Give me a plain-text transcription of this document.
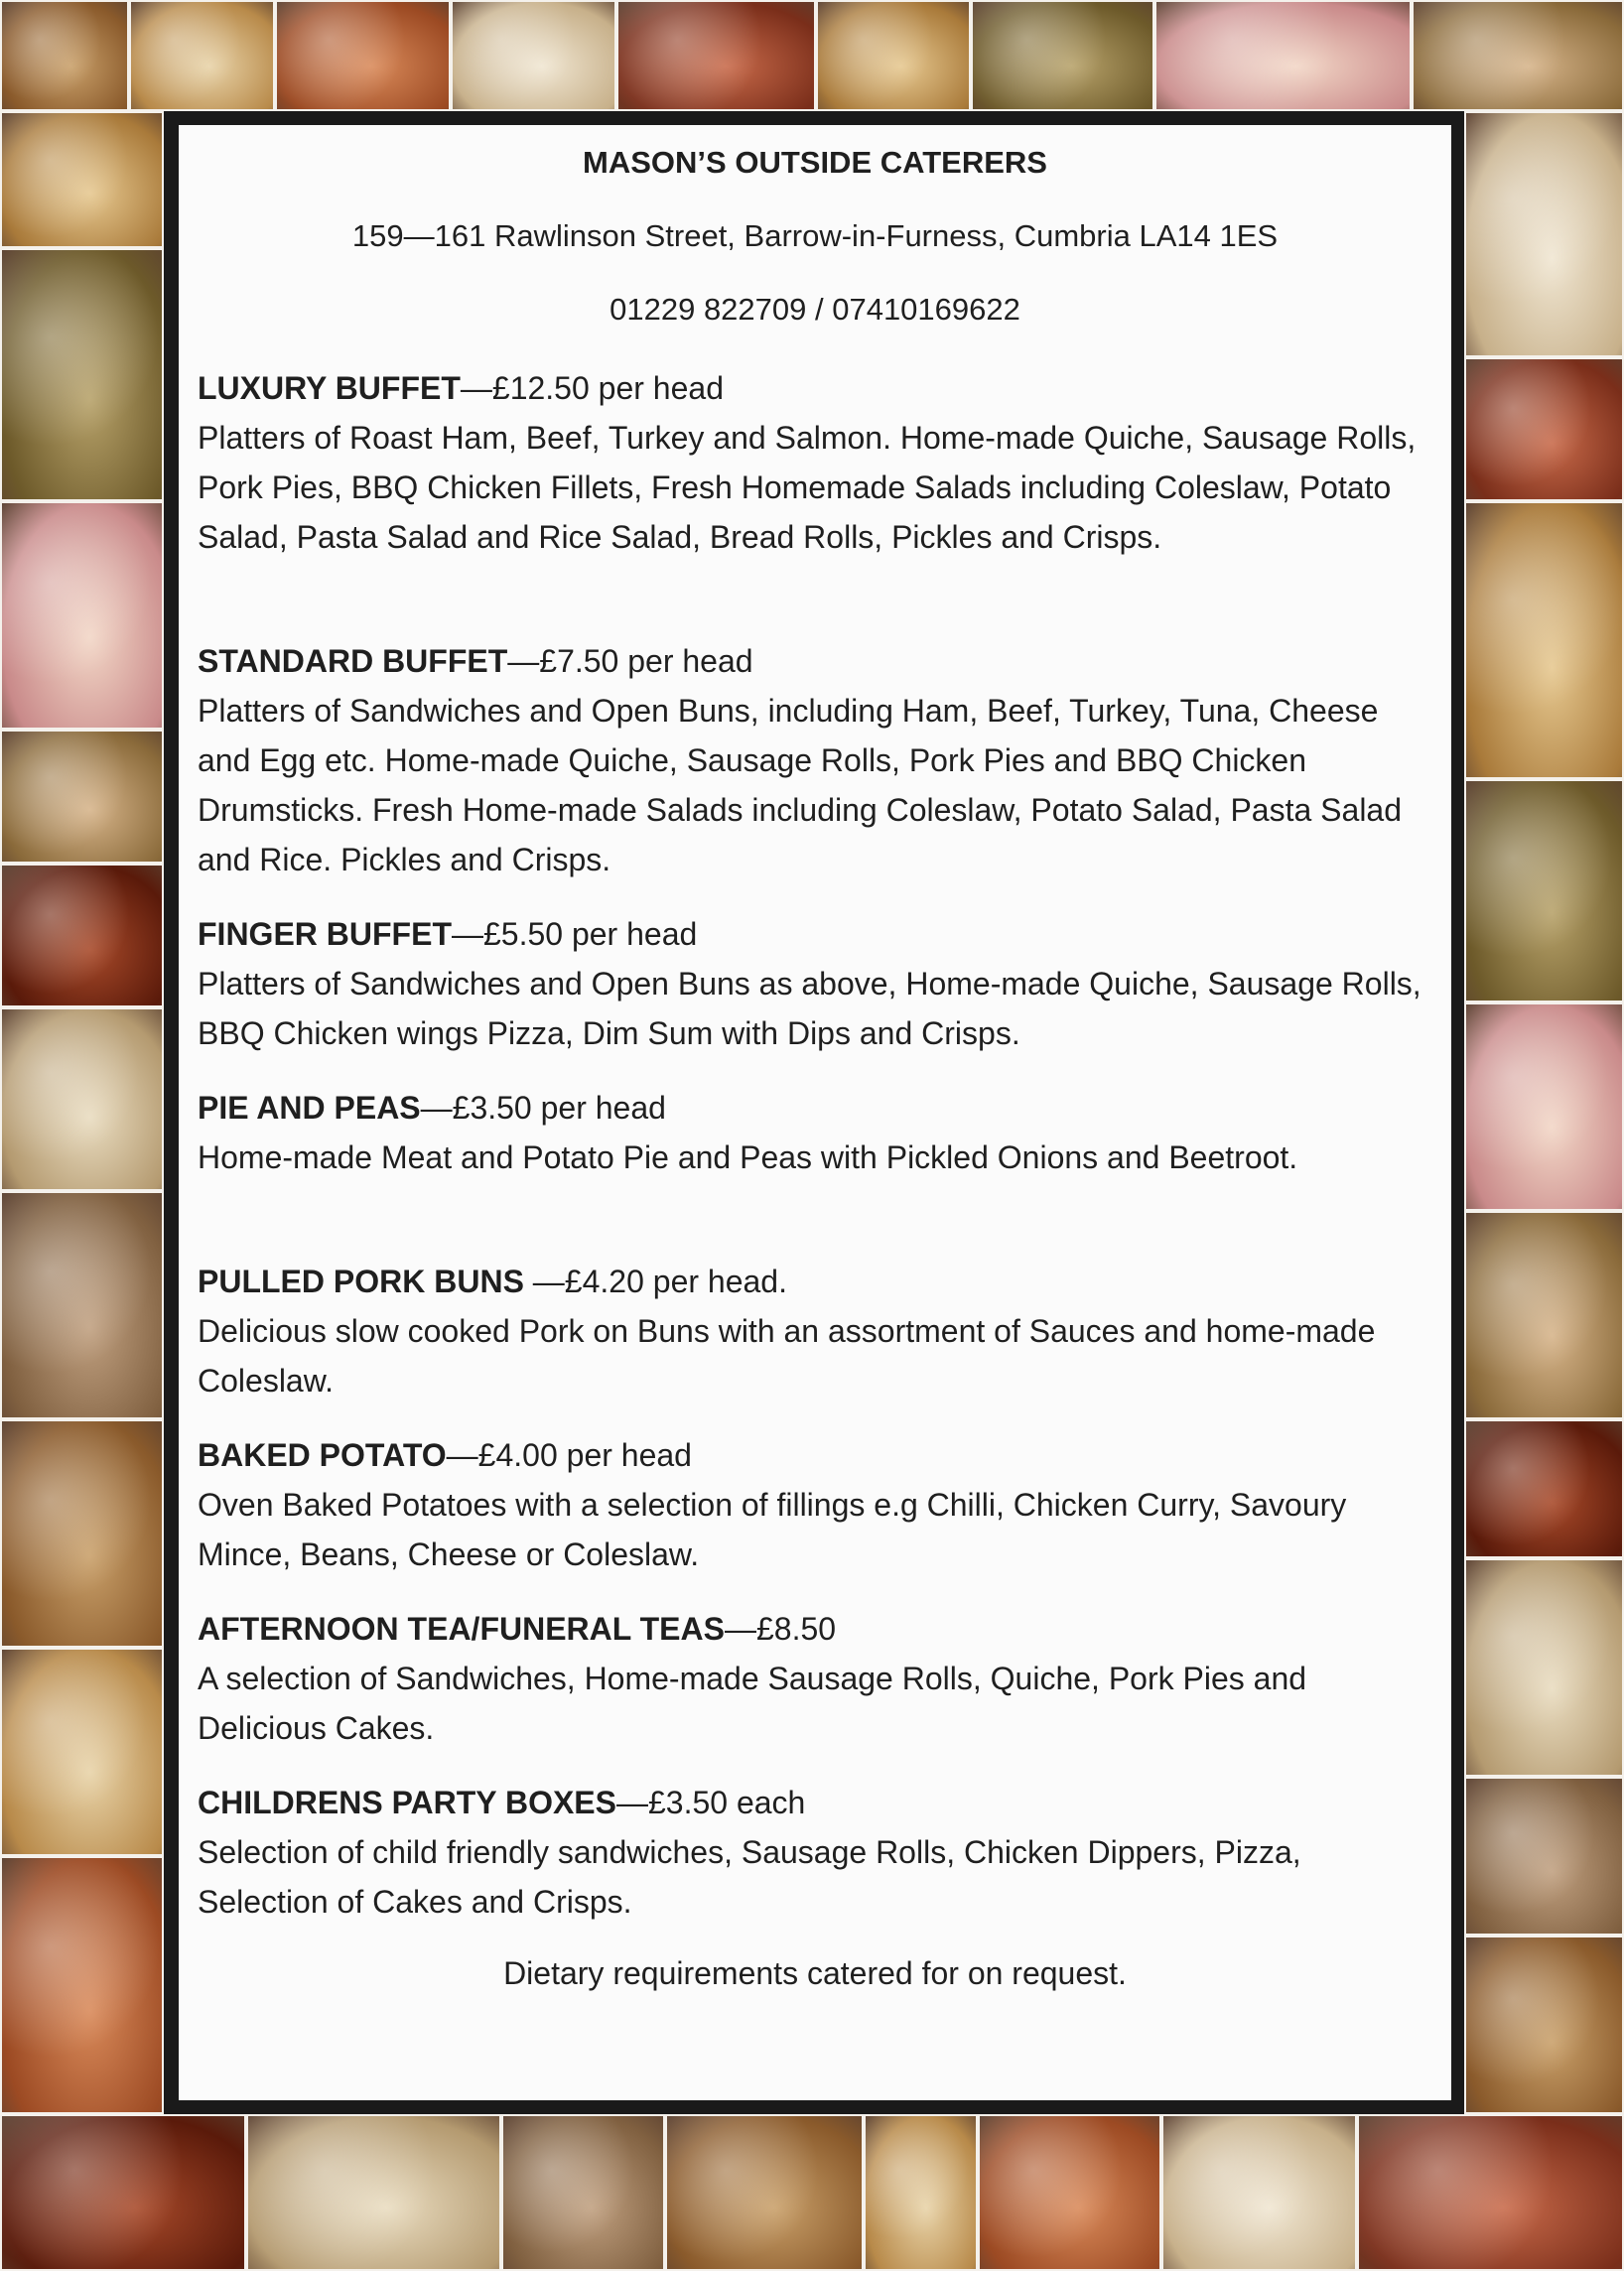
MASON’S OUTSIDE CATERERS
159—161 Rawlinson Street, Barrow-in-Furness, Cumbria LA14 1ES
01229 822709 / 07410169622
LUXURY BUFFET—£12.50 per head
Platters of Roast Ham, Beef, Turkey and Salmon. Home-made Quiche, Sausage Rolls, Pork Pies, BBQ Chicken Fillets, Fresh Homemade Salads including Coleslaw, Potato Salad, Pasta Salad and Rice Salad, Bread Rolls, Pickles and Crisps.
STANDARD BUFFET—£7.50 per head
Platters of Sandwiches and Open Buns, including Ham, Beef, Turkey, Tuna, Cheese and Egg etc. Home-made Quiche, Sausage Rolls, Pork Pies and BBQ Chicken Drumsticks. Fresh Home-made Salads including Coleslaw, Potato Salad, Pasta Salad and Rice. Pickles and Crisps.
FINGER BUFFET—£5.50 per head
Platters of Sandwiches and Open Buns as above, Home-made Quiche, Sausage Rolls, BBQ Chicken wings Pizza, Dim Sum with Dips and Crisps.
PIE AND PEAS—£3.50 per head
Home-made Meat and Potato Pie and Peas with Pickled Onions and Beetroot.
PULLED PORK BUNS —£4.20 per head.
Delicious slow cooked Pork on Buns with an assortment of Sauces and home-made Coleslaw.
BAKED POTATO—£4.00 per head
Oven Baked Potatoes with a selection of fillings e.g Chilli, Chicken Curry, Savoury Mince, Beans, Cheese or Coleslaw.
AFTERNOON TEA/FUNERAL TEAS—£8.50
A selection of Sandwiches, Home-made Sausage Rolls, Quiche, Pork Pies and Delicious Cakes.
CHILDRENS PARTY BOXES—£3.50 each
Selection of child friendly sandwiches, Sausage Rolls, Chicken Dippers, Pizza, Selection of Cakes and Crisps.
Dietary requirements catered for on request.
